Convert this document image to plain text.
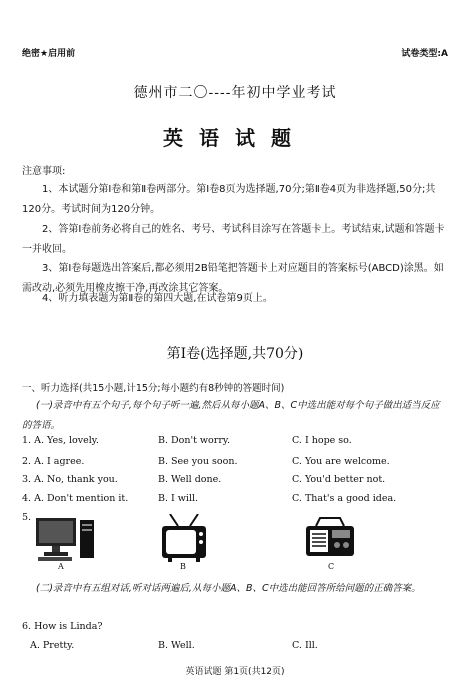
绝密★启用前	试卷类型:A
德州市二〇----年初中学业考试
英语试题
注意事项:
1、本试题分第Ⅰ卷和第Ⅱ卷两部分。第Ⅰ卷8页为选择题,70分;第Ⅱ卷4页为非选择题,50分;共120分。考试时间为120分钟。
2、答第Ⅰ卷前务必将自己的姓名、考号、考试科目涂写在答题卡上。考试结束,试题和答题卡一并收回。
3、第Ⅰ卷每题选出答案后,都必须用2B铅笔把答题卡上对应题目的答案标号(ABCD)涂黑。如需改动,必须先用橡皮擦干净,再改涂其它答案。
4、听力填表题为第Ⅱ卷的第四大题,在试卷第9页上。
第Ⅰ卷(选择题,共70分)
一、听力选择(共15小题,计15分;每小题约有8秒钟的答题时间)
(一)录音中有五个句子,每个句子听一遍,然后从每小题A、B、C中选出能对每个句子做出适当反应的答语。
1. A. Yes, lovely.	B. Don't worry.	C. I hope so.
2. A. I agree.	B. See you soon.	C. You are welcome.
3. A. No, thank you.	B. Well done.	C. You'd better not.
4. A. Don't mention it.	B. I will.	C. That's a good idea.
5.
A	B	C
(二)录音中有五组对话,听对话两遍后,从每小题A、B、C中选出能回答所给问题的正确答案。
6. How is Linda?
A. Pretty.	B. Well.	C. Ill.
英语试题 第1页(共12页)
